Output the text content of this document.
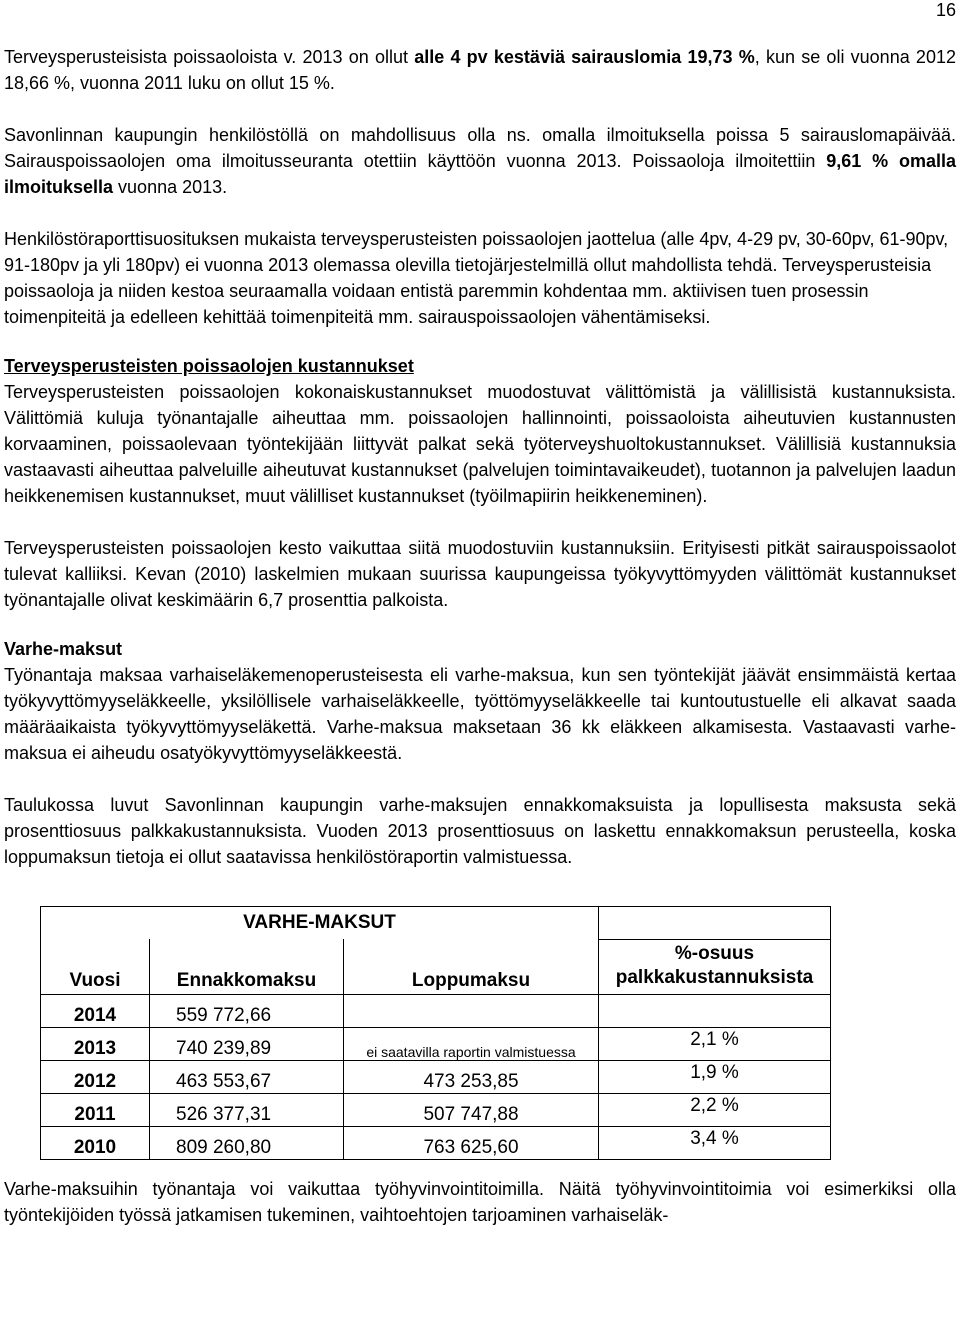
16

Terveysperusteisista poissaoloista v. 2013 on ollut alle 4 pv kestäviä sairauslomia 19,73 %, kun se oli vuonna 2012 18,66 %, vuonna 2011 luku on ollut 15 %.

Savonlinnan kaupungin henkilöstöllä on mahdollisuus olla ns. omalla ilmoituksella poissa 5 sairauslomapäivää. Sairauspoissaolojen oma ilmoitusseuranta otettiin käyttöön vuonna 2013. Poissaoloja ilmoitettiin 9,61 % omalla ilmoituksella vuonna 2013.

Henkilöstöraporttisuosituksen mukaista terveysperusteisten poissaolojen jaottelua (alle 4pv, 4-29 pv, 30-60pv, 61-90pv, 91-180pv ja yli 180pv) ei vuonna 2013 olemassa olevilla tietojärjestelmillä ollut mahdollista tehdä. Terveysperusteisia poissaoloja ja niiden kestoa seuraamalla voidaan entistä paremmin kohdentaa mm. aktiivisen tuen prosessin toimenpiteitä ja edelleen kehittää toimenpiteitä mm. sairauspoissaolojen vähentämiseksi.

Terveysperusteisten poissaolojen kustannukset

Terveysperusteisten poissaolojen kokonaiskustannukset muodostuvat välittömistä ja välillisistä kustannuksista. Välittömiä kuluja työnantajalle aiheuttaa mm. poissaolojen hallinnointi, poissaoloista aiheutuvien kustannusten korvaaminen, poissaolevaan työntekijään liittyvät palkat sekä työterveyshuoltokustannukset. Välillisiä kustannuksia vastaavasti aiheuttaa palveluille aiheutuvat kustannukset (palvelujen toimintavaikeudet), tuotannon ja palvelujen laadun heikkenemisen kustannukset, muut välilliset kustannukset (työilmapiirin heikkeneminen).

Terveysperusteisten poissaolojen kesto vaikuttaa siitä muodostuviin kustannuksiin. Erityisesti pitkät sairauspoissaolot tulevat kalliiksi. Kevan (2010) laskelmien mukaan suurissa kaupungeissa työkyvyttömyyden välittömät kustannukset työnantajalle olivat keskimäärin 6,7 prosenttia palkoista.

Varhe-maksut

Työnantaja maksaa varhaiseläkemenoperusteisesta eli varhe-maksua, kun sen työntekijät jäävät ensimmäistä kertaa työkyvyttömyyseläkkeelle, yksilöllisele varhaiseläkkeelle, työttömyyseläkkeelle tai kuntoutustuelle eli alkavat saada määräaikaista työkyvyttömyyseläkettä. Varhe-maksua maksetaan 36 kk eläkkeen alkamisesta. Vastaavasti varhe-maksua ei aiheudu osatyökyvyttömyyseläkkeestä.

Taulukossa luvut Savonlinnan kaupungin varhe-maksujen ennakkomaksuista ja lopullisesta maksusta sekä prosenttiosuus palkkakustannuksista. Vuoden 2013 prosenttiosuus on laskettu ennakkomaksun perusteella, koska loppumaksun tietoja ei ollut saatavissa henkilöstöraportin valmistuessa.

VARHE-MAKSUT			
Vuosi	Ennakkomaksu	Loppumaksu	%-osuus palkkakustannuksista
2014	559 772,66		
2013	740 239,89	ei saatavilla raportin valmistuessa	2,1 %
2012	463 553,67	473 253,85	1,9 %
2011	526 377,31	507 747,88	2,2 %
2010	809 260,80	763 625,60	3,4 %

Varhe-maksuihin työnantaja voi vaikuttaa työhyvinvointitoimilla. Näitä työhyvinvointitoimia voi esimerkiksi olla työntekijöiden työssä jatkamisen tukeminen, vaihtoehtojen tarjoaminen varhaiseläk-
